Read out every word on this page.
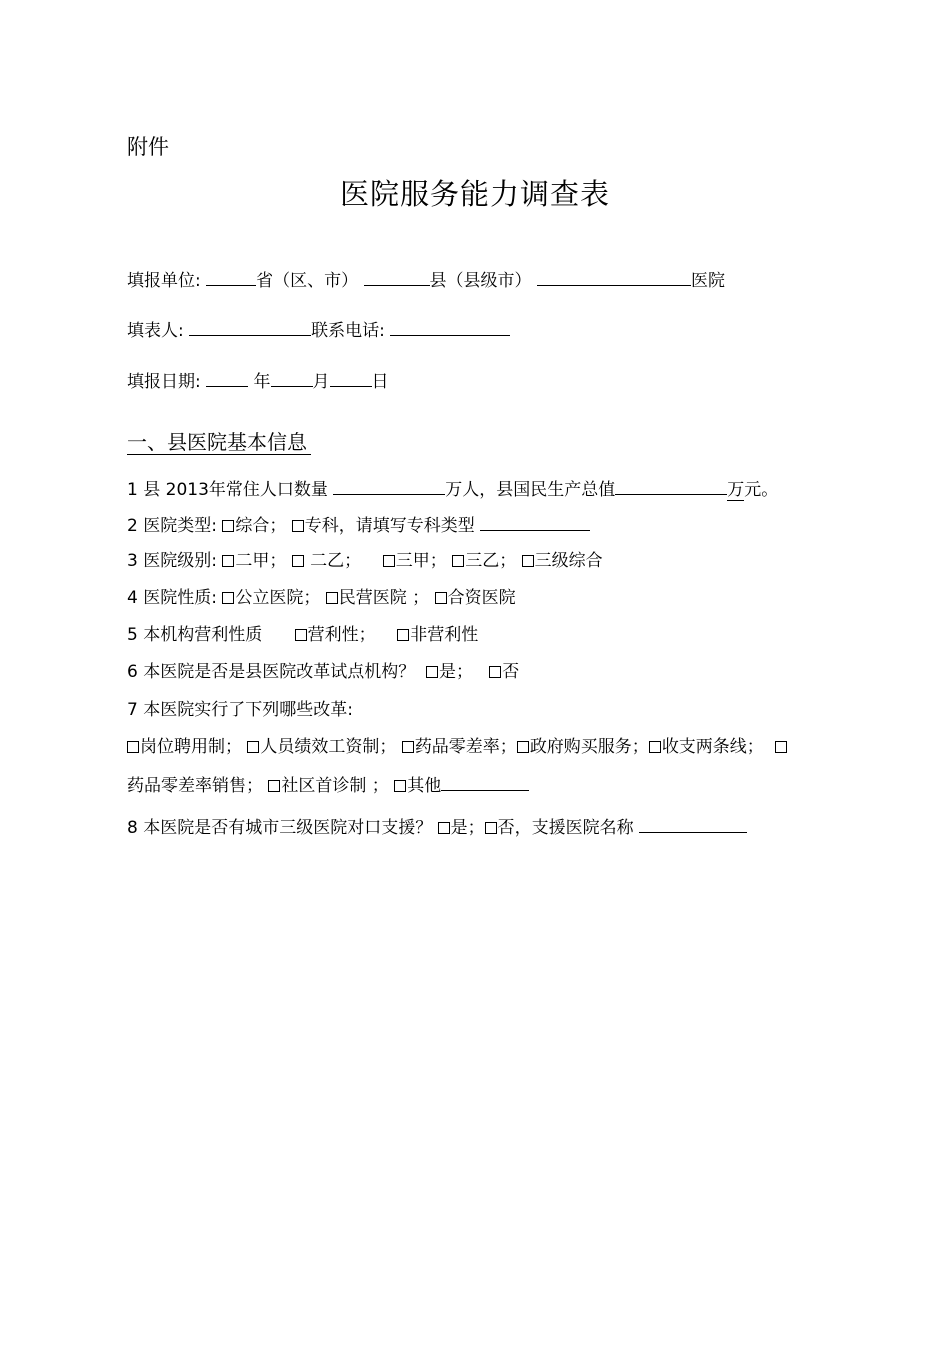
附件
医院服务能力调查表
填报单位:	省（区、市）	县（县级市）	医院
填表人:	联系电话:
填报日期:	年 月 日
一、县医院基本信息
1 县 2013年常住人口数量	万人，县国民生产总值	万元。
2 医院类型: 综合； 专科，请填写专科类型
3 医院级别: 二甲；  二乙； 三甲； 三乙； 三级综合
4 医院性质: 公立医院； 民营医院 ； 合资医院
5 本机构营利性质	营利性； 非营利性
6 本医院是否是县医院改革试点机构？ 是； 否
7 本医院实行了下列哪些改革:
岗位聘用制； 人员绩效工资制； 药品零差率； 政府购买服务； 收支两条线；
药品零差率销售； 社区首诊制 ； 其他
8 本医院是否有城市三级医院对口支援？ 是； 否，支援医院名称
